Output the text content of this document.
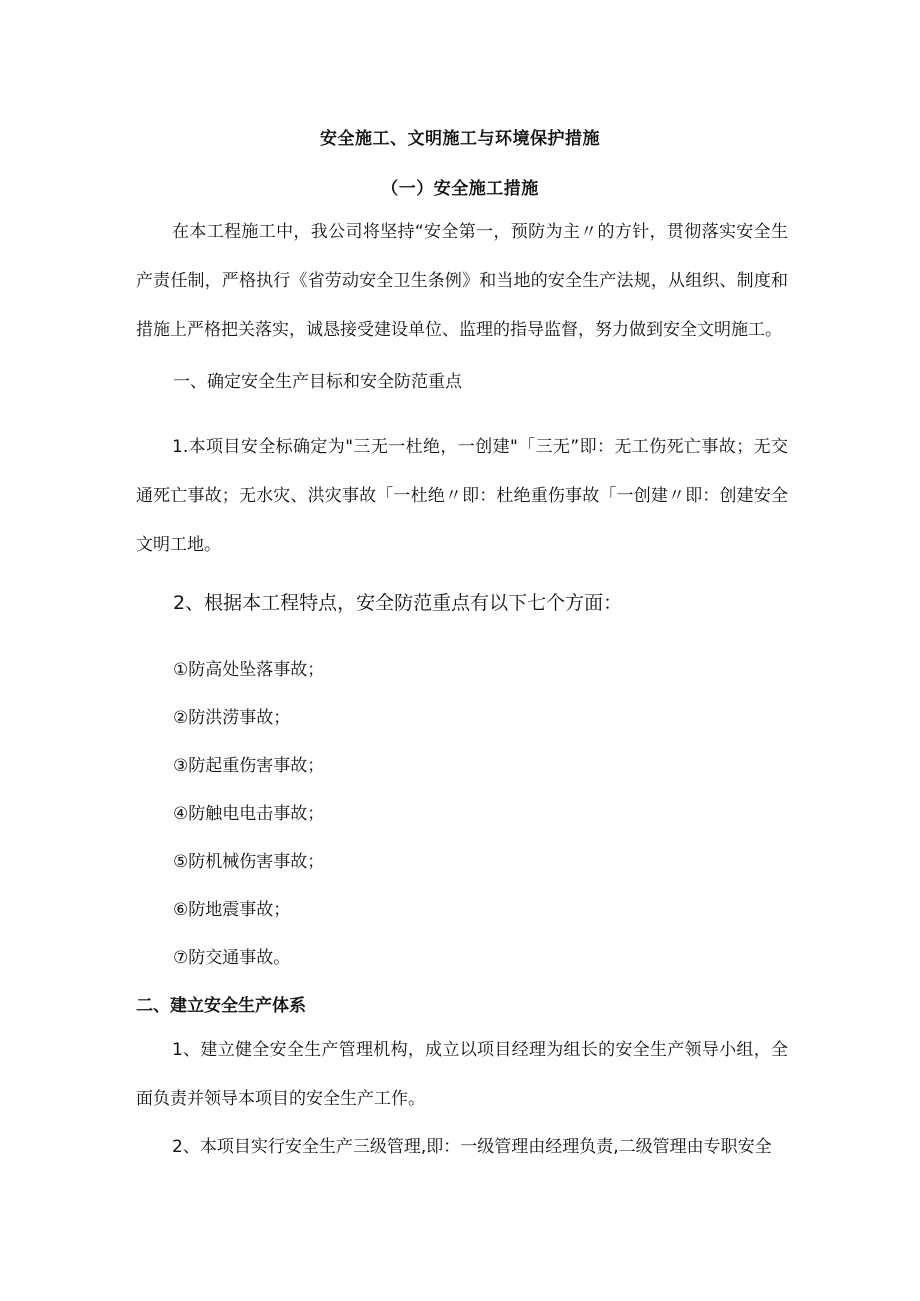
安全施工、文明施工与环境保护措施
（一）安全施工措施
在本工程施工中，我公司将坚持“安全第一，预防为主〃的方针，贯彻落实安全生产责任制，严格执行《省劳动安全卫生条例》和当地的安全生产法规，从组织、制度和措施上严格把关落实，诚恳接受建设单位、监理的指导监督，努力做到安全文明施工。
一、确定安全生产目标和安全防范重点
1.本项目安全标确定为"三无一杜绝，一创建"「三无”即：无工伤死亡事故；无交通死亡事故；无水灾、洪灾事故「一杜绝〃即：杜绝重伤事故「一创建〃即：创建安全文明工地。
2、根据本工程特点，安全防范重点有以下七个方面：
①防高处坠落事故；
②防洪涝事故；
③防起重伤害事故；
④防触电电击事故；
⑤防机械伤害事故；
⑥防地震事故；
⑦防交通事故。
二、建立安全生产体系
1、建立健全安全生产管理机构，成立以项目经理为组长的安全生产领导小组，全面负责并领导本项目的安全生产工作。
2、本项目实行安全生产三级管理,即：一级管理由经理负责,二级管理由专职安全
